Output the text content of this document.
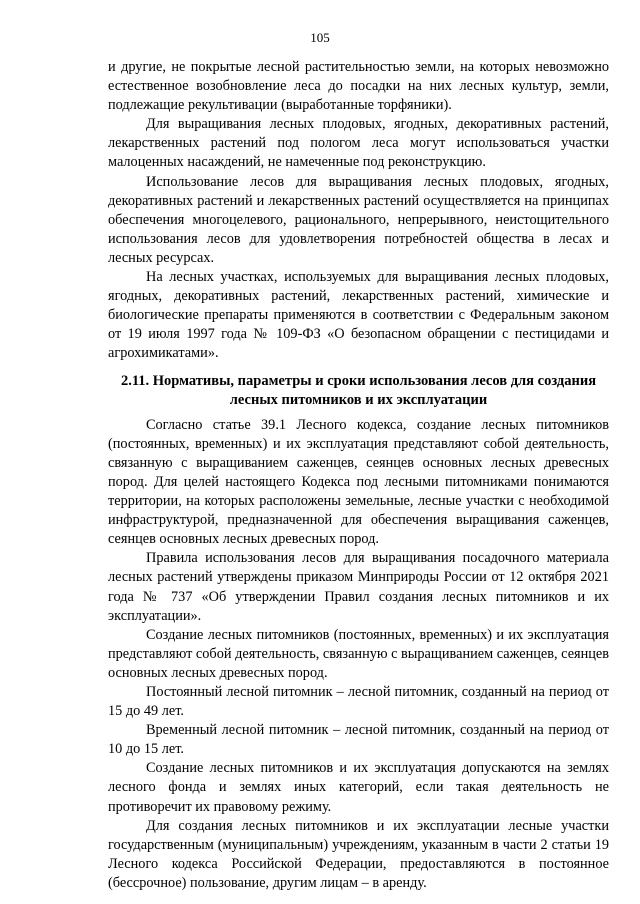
105

и другие, не покрытые лесной растительностью земли, на которых невозможно естественное возобновление леса до посадки на них лесных культур, земли, подлежащие рекультивации (выработанные торфяники).

Для выращивания лесных плодовых, ягодных, декоративных растений, лекарственных растений под пологом леса могут использоваться участки малоценных насаждений, не намеченные под реконструкцию.

Использование лесов для выращивания лесных плодовых, ягодных, декоративных растений и лекарственных растений осуществляется на принципах обеспечения многоцелевого, рационального, непрерывного, неистощительного использования лесов для удовлетворения потребностей общества в лесах и лесных ресурсах.

На лесных участках, используемых для выращивания лесных плодовых, ягодных, декоративных растений, лекарственных растений, химические и биологические препараты применяются в соответствии с Федеральным законом от 19 июля 1997 года № 109-ФЗ «О безопасном обращении с пестицидами и агрохимикатами».

2.11. Нормативы, параметры и сроки использования лесов для создания лесных питомников и их эксплуатации

Согласно статье 39.1 Лесного кодекса, создание лесных питомников (постоянных, временных) и их эксплуатация представляют собой деятельность, связанную с выращиванием саженцев, сеянцев основных лесных древесных пород. Для целей настоящего Кодекса под лесными питомниками понимаются территории, на которых расположены земельные, лесные участки с необходимой инфраструктурой, предназначенной для обеспечения выращивания саженцев, сеянцев основных лесных древесных пород.

Правила использования лесов для выращивания посадочного материала лесных растений утверждены приказом Минприроды России от 12 октября 2021 года № 737 «Об утверждении Правил создания лесных питомников и их эксплуатации».

Создание лесных питомников (постоянных, временных) и их эксплуатация представляют собой деятельность, связанную с выращиванием саженцев, сеянцев основных лесных древесных пород.

Постоянный лесной питомник – лесной питомник, созданный на период от 15 до 49 лет.

Временный лесной питомник – лесной питомник, созданный на период от 10 до 15 лет.

Создание лесных питомников и их эксплуатация допускаются на землях лесного фонда и землях иных категорий, если такая деятельность не противоречит их правовому режиму.

Для создания лесных питомников и их эксплуатации лесные участки государственным (муниципальным) учреждениям, указанным в части 2 статьи 19 Лесного кодекса Российской Федерации, предоставляются в постоянное (бессрочное) пользование, другим лицам – в аренду.
